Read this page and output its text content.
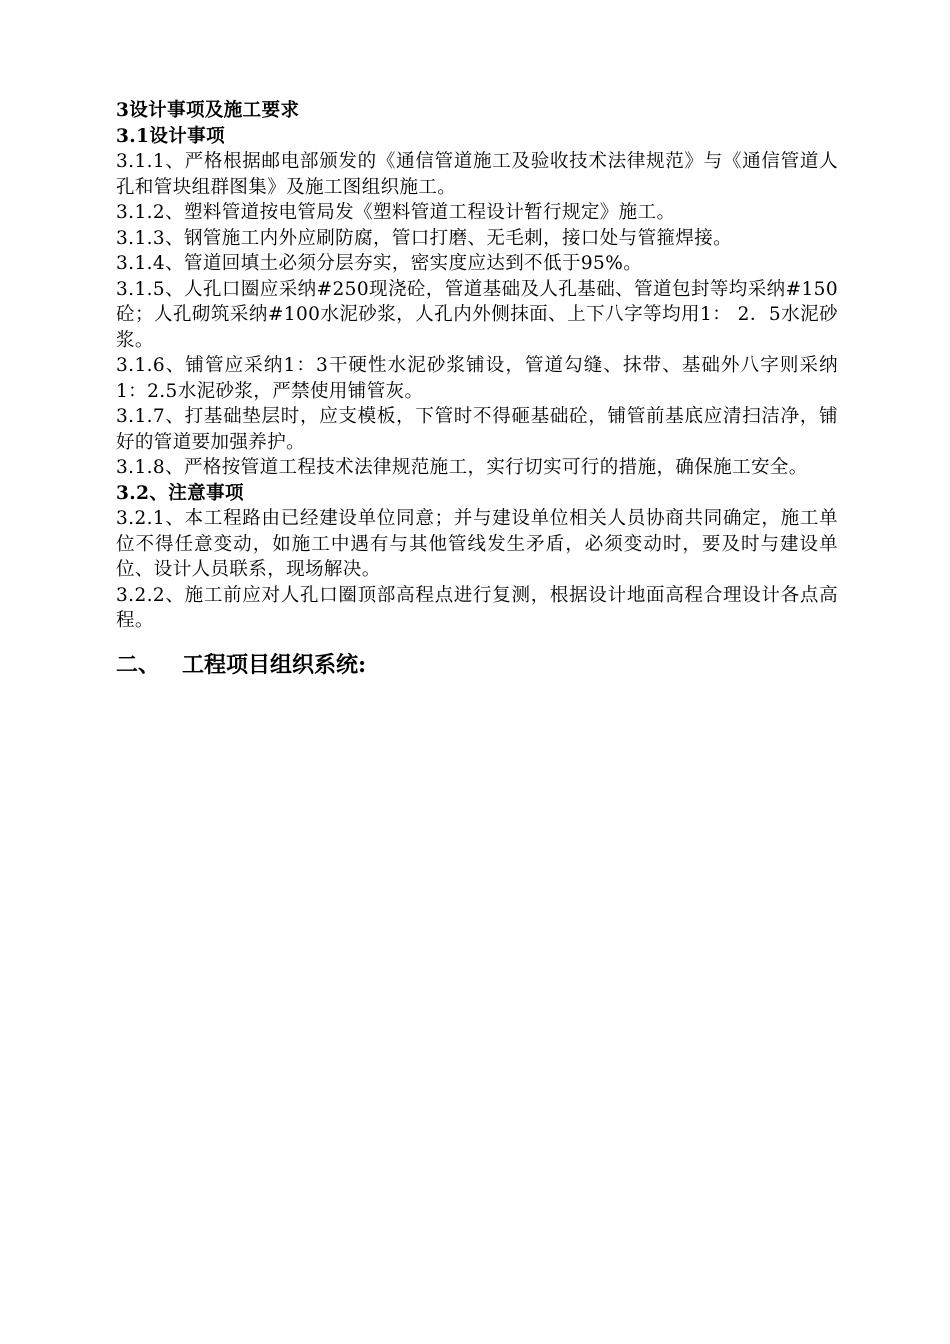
3设计事项及施工要求
3.1设计事项
3.1.1、严格根据邮电部颁发的《通信管道施工及验收技术法律规范》与《通信管道人孔和管块组群图集》及施工图组织施工。
3.1.2、塑料管道按电管局发《塑料管道工程设计暂行规定》施工。
3.1.3、钢管施工内外应刷防腐，管口打磨、无毛刺，接口处与管箍焊接。
3.1.4、管道回填土必须分层夯实，密实度应达到不低于95%。
3.1.5、人孔口圈应采纳#250现浇砼，管道基础及人孔基础、管道包封等均采纳#150砼；人孔砌筑采纳#100水泥砂浆，人孔内外侧抹面、上下八字等均用1： 2．5水泥砂浆。
3.1.6、铺管应采纳1：3干硬性水泥砂浆铺设，管道勾缝、抹带、基础外八字则采纳1：2.5水泥砂浆，严禁使用铺管灰。
3.1.7、打基础垫层时，应支模板，下管时不得砸基础砼，铺管前基底应清扫洁净，铺好的管道要加强养护。
3.1.8、严格按管道工程技术法律规范施工，实行切实可行的措施，确保施工安全。
3.2、注意事项
3.2.1、本工程路由已经建设单位同意；并与建设单位相关人员协商共同确定，施工单位不得任意变动，如施工中遇有与其他管线发生矛盾，必须变动时，要及时与建设单位、设计人员联系，现场解决。
3.2.2、施工前应对人孔口圈顶部高程点进行复测，根据设计地面高程合理设计各点高程。
二、 工程项目组织系统:
